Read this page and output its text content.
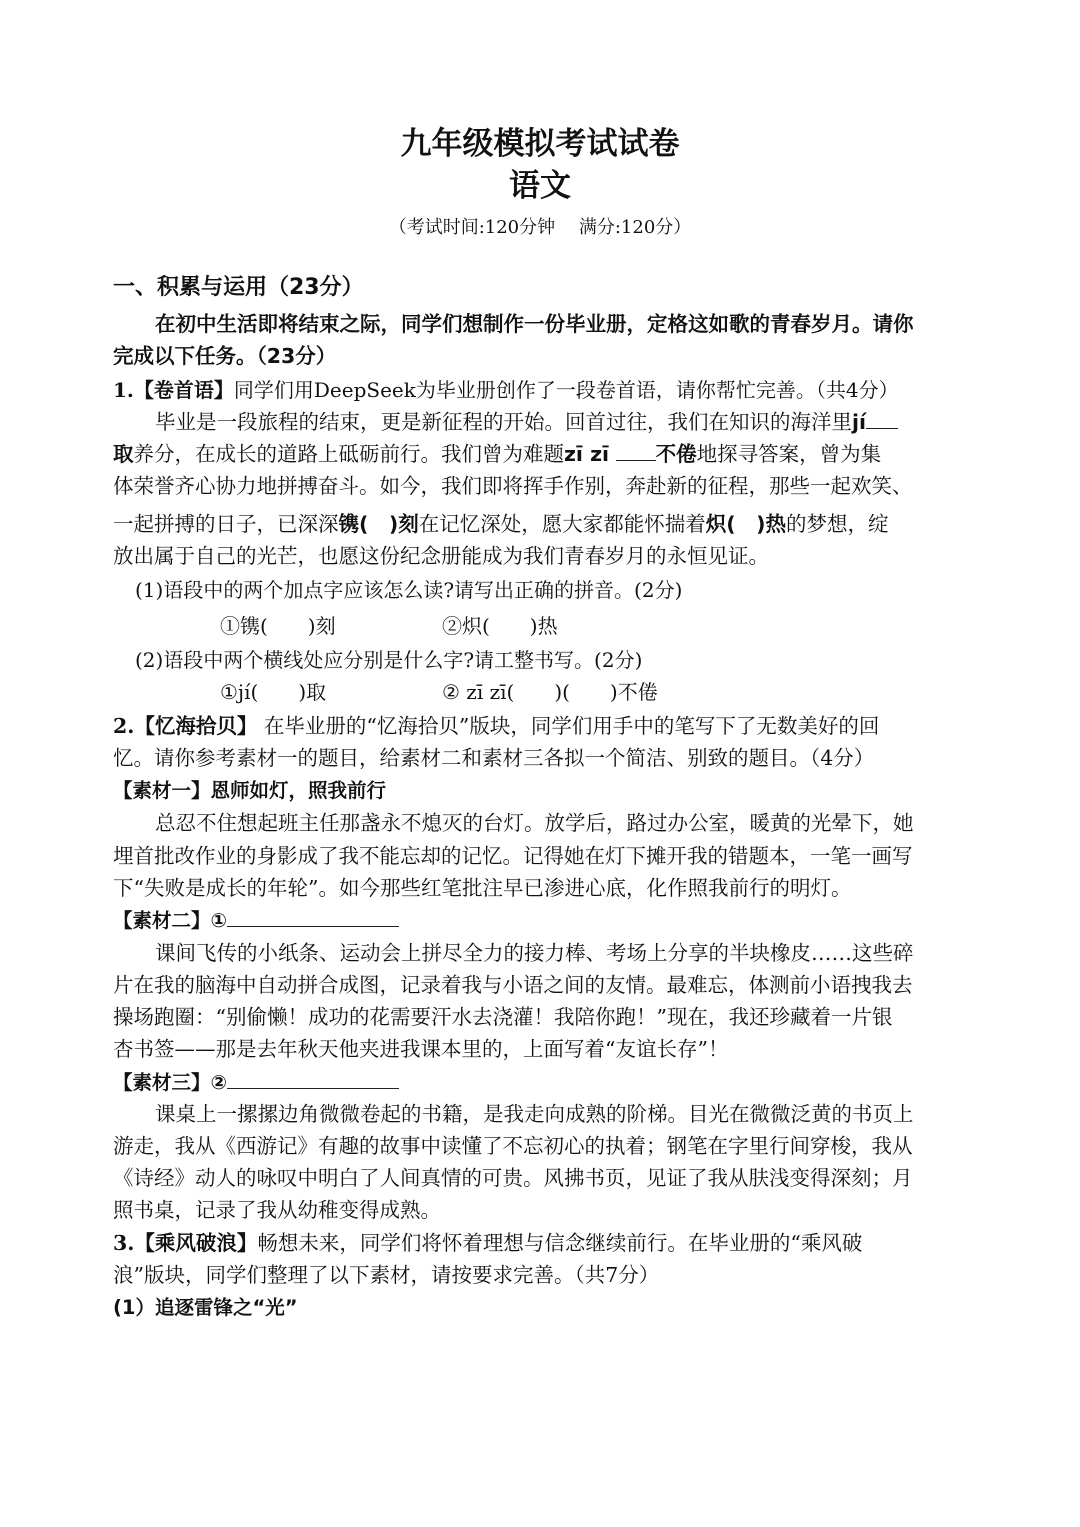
九年级模拟考试试卷
语文
（考试时间:120分钟　 满分:120分）
一、积累与运用（23分）
在初中生活即将结束之际，同学们想制作一份毕业册，定格这如歌的青春岁月。请你
完成以下任务。（23分）
1.【卷首语】同学们用DeepSeek为毕业册创作了一段卷首语，请你帮忙完善。（共4分）
毕业是一段旅程的结束，更是新征程的开始。回首过往，我们在知识的海洋里jí
取养分，在成长的道路上砥砺前行。我们曾为难题zī zī 不倦地探寻答案，曾为集
体荣誉齐心协力地拼搏奋斗。如今，我们即将挥手作别，奔赴新的征程，那些一起欢笑、
一起拼搏的日子，已深深镌(　)刻在记忆深处，愿大家都能怀揣着炽(　)热的梦想，绽
放出属于自己的光芒，也愿这份纪念册能成为我们青春岁月的永恒见证。
(1)语段中的两个加点字应该怎么读?请写出正确的拼音。(2分)
①镌(　　)刻	②炽(　　)热
(2)语段中两个横线处应分别是什么字?请工整书写。(2分)
①jí(　　)取	② zī zī(　　)(　　)不倦
2.【忆海拾贝】 在毕业册的“忆海拾贝”版块，同学们用手中的笔写下了无数美好的回
忆。请你参考素材一的题目，给素材二和素材三各拟一个简洁、别致的题目。（4分）
【素材一】恩师如灯，照我前行
总忍不住想起班主任那盏永不熄灭的台灯。放学后，路过办公室，暖黄的光晕下，她
埋首批改作业的身影成了我不能忘却的记忆。记得她在灯下摊开我的错题本，一笔一画写
下“失败是成长的年轮”。如今那些红笔批注早已渗进心底，化作照我前行的明灯。
【素材二】①
课间飞传的小纸条、运动会上拼尽全力的接力棒、考场上分享的半块橡皮……这些碎
片在我的脑海中自动拼合成图，记录着我与小语之间的友情。最难忘，体测前小语拽我去
操场跑圈：“别偷懒！成功的花需要汗水去浇灌！我陪你跑！”现在，我还珍藏着一片银
杏书签——那是去年秋天他夹进我课本里的，上面写着“友谊长存”！
【素材三】②
课桌上一摞摞边角微微卷起的书籍，是我走向成熟的阶梯。目光在微微泛黄的书页上
游走，我从《西游记》有趣的故事中读懂了不忘初心的执着；钢笔在字里行间穿梭，我从
《诗经》动人的咏叹中明白了人间真情的可贵。风拂书页，见证了我从肤浅变得深刻；月
照书桌，记录了我从幼稚变得成熟。
3.【乘风破浪】畅想未来，同学们将怀着理想与信念继续前行。在毕业册的“乘风破
浪”版块，同学们整理了以下素材，请按要求完善。（共7分）
(1）追逐雷锋之“光”
